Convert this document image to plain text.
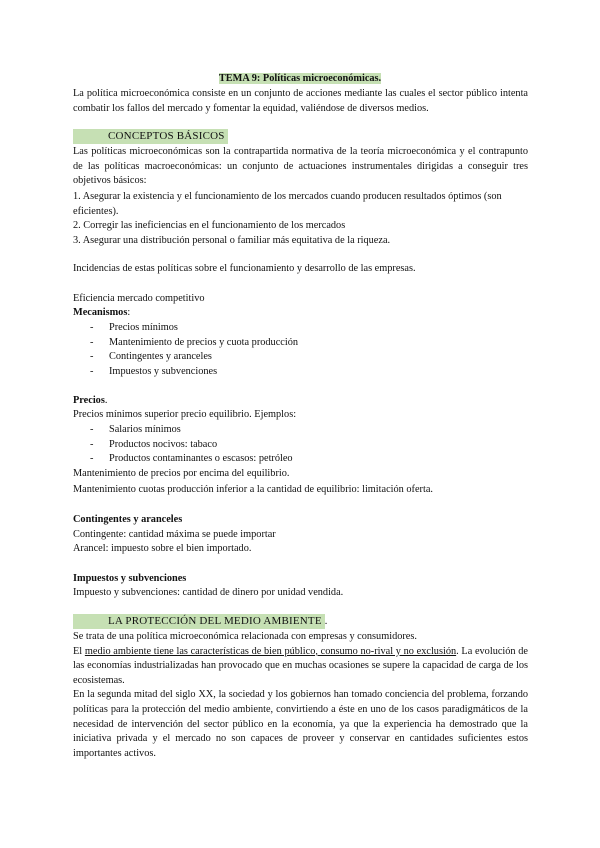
TEMA 9: Políticas microeconómicas.

La política microeconómica consiste en un conjunto de acciones mediante las cuales el sector público intenta combatir los fallos del mercado y fomentar la equidad, valiéndose de diversos medios.

CONCEPTOS BÁSICOS

Las políticas microeconómicas son la contrapartida normativa de la teoría microeconómica y el contrapunto de las políticas macroeconómicas: un conjunto de actuaciones instrumentales dirigidas a conseguir tres objetivos básicos:

1. Asegurar la existencia y el funcionamiento de los mercados cuando producen resultados óptimos (son eficientes).
2. Corregir las ineficiencias en el funcionamiento de los mercados
3. Asegurar una distribución personal o familiar más equitativa de la riqueza.

Incidencias de estas políticas sobre el funcionamiento y desarrollo de las empresas.

Eficiencia mercado competitivo

Mecanismos:

- Precios mínimos
- Mantenimiento de precios y cuota producción
- Contingentes y aranceles
- Impuestos y subvenciones

Precios.

Precios mínimos superior precio equilibrio. Ejemplos:

- Salarios mínimos
- Productos nocivos: tabaco
- Productos contaminantes o escasos: petróleo

Mantenimiento de precios por encima del equilibrio.

Mantenimiento cuotas producción inferior a la cantidad de equilibrio: limitación oferta.

Contingentes y aranceles

Contingente: cantidad máxima se puede importar

Arancel: impuesto sobre el bien importado.

Impuestos y subvenciones

Impuesto y subvenciones: cantidad de dinero por unidad vendida.

LA PROTECCIÓN DEL MEDIO AMBIENTE .

Se trata de una política microeconómica relacionada con empresas y consumidores.

El medio ambiente tiene las características de bien público, consumo no-rival y no exclusión. La evolución de las economías industrializadas han provocado que en muchas ocasiones se supere la capacidad de carga de los ecosistemas.

En la segunda mitad del siglo XX, la sociedad y los gobiernos han tomado conciencia del problema, forzando políticas para la protección del medio ambiente, convirtiendo a éste en uno de los casos paradigmáticos de la necesidad de intervención del sector público en la economía, ya que la experiencia ha demostrado que la iniciativa privada y el mercado no son capaces de proveer y conservar en cantidades suficientes estos importantes activos.
